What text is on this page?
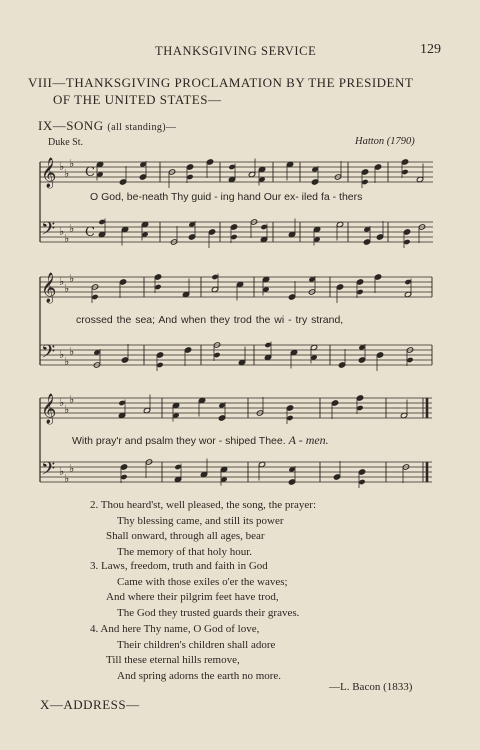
THANKSGIVING SERVICE	129
VIII—THANKSGIVING PROCLAMATION BY THE PRESIDENT
OF THE UNITED STATES—
IX—SONG (all standing)—
Duke St.	Hatton (1790)
𝄞
𝄢
♭
♭
♭
♭
♭
♭
C
C
𝄞
𝄢
♭
♭
♭
♭
♭
♭
𝄞
𝄢
♭
♭
♭
♭
♭
♭
O God, be-neath Thy guid - ing hand Our ex- iled fa - thers
crossed the sea; And when they trod the wi - try strand,
With pray'r and psalm they wor - shiped Thee. A - men.
2. Thou heard'st, well pleased, the song, the prayer:
Thy blessing came, and still its power
Shall onward, through all ages, bear
The memory of that holy hour.
3. Laws, freedom, truth and faith in God
Came with those exiles o'er the waves;
And where their pilgrim feet have trod,
The God they trusted guards their graves.
4. And here Thy name, O God of love,
Their children's children shall adore
Till these eternal hills remove,
And spring adorns the earth no more.
—L. Bacon (1833)
X—ADDRESS—
